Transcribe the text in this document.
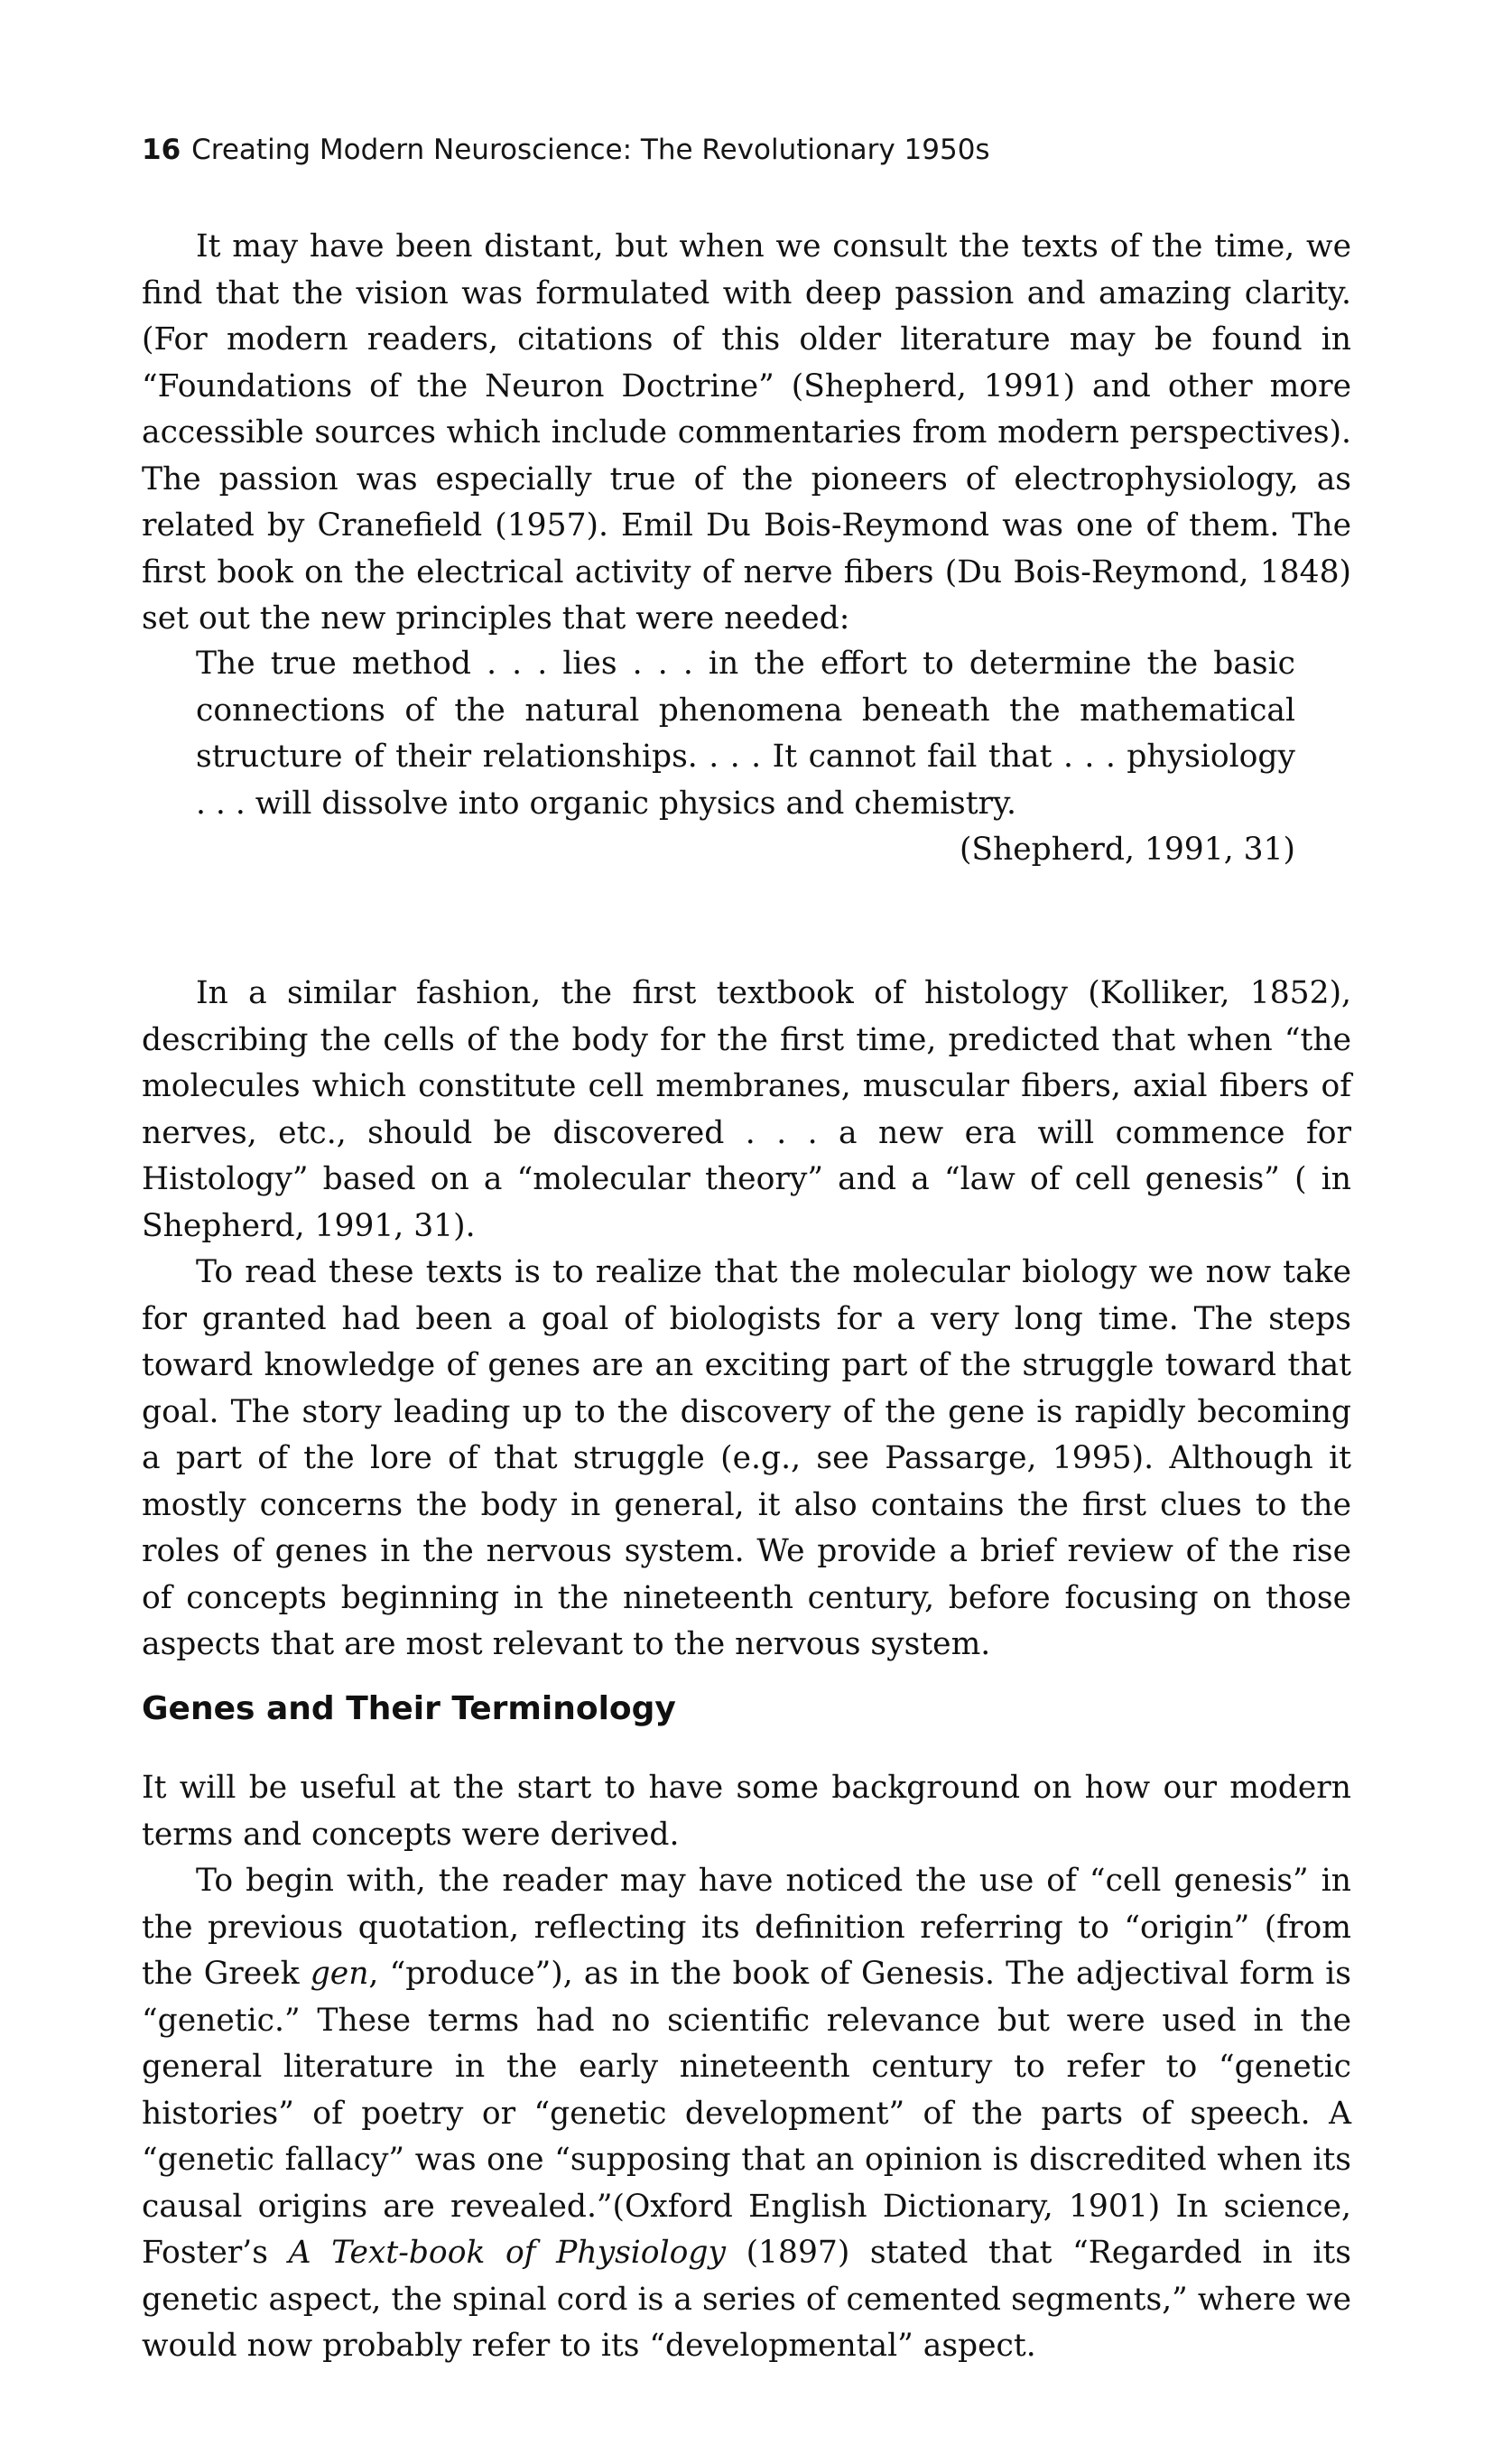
16 Creating Modern Neuroscience: The Revolutionary 1950s

It may have been distant, but when we consult the texts of the time, we find that the vision was formulated with deep passion and amazing clarity. (For modern readers, citations of this older literature may be found in “Foundations of the Neuron Doctrine” (Shepherd, 1991) and other more accessible sources which include commentaries from modern perspectives). The passion was especially true of the pioneers of electrophysiology, as related by Cranefield (1957). Emil Du Bois-Reymond was one of them. The first book on the electrical activity of nerve fibers (Du Bois-Reymond, 1848) set out the new principles that were needed:

The true method . . . lies . . . in the effort to determine the basic connections of the natural phenomena beneath the mathematical structure of their relationships. . . . It cannot fail that . . . physiology . . . will dissolve into organic physics and chemistry.

(Shepherd, 1991, 31)

In a similar fashion, the first textbook of histology (Kolliker, 1852), describing the cells of the body for the first time, predicted that when “the molecules which constitute cell membranes, muscular fibers, axial fibers of nerves, etc., should be discovered . . . a new era will commence for Histology” based on a “molecular theory” and a “law of cell genesis” ( in Shepherd, 1991, 31).

To read these texts is to realize that the molecular biology we now take for granted had been a goal of biologists for a very long time. The steps toward knowledge of genes are an exciting part of the struggle toward that goal. The story leading up to the discovery of the gene is rapidly becoming a part of the lore of that struggle (e.g., see Passarge, 1995). Although it mostly concerns the body in general, it also contains the first clues to the roles of genes in the nervous system. We provide a brief review of the rise of concepts beginning in the nineteenth century, before focusing on those aspects that are most relevant to the nervous system.

Genes and Their Terminology

It will be useful at the start to have some background on how our modern terms and concepts were derived.

To begin with, the reader may have noticed the use of “cell genesis” in the previous quotation, reflecting its definition referring to “origin” (from the Greek gen, “produce”), as in the book of Genesis. The adjectival form is “genetic.” These terms had no scientific relevance but were used in the general literature in the early nineteenth century to refer to “genetic histories” of poetry or “genetic development” of the parts of speech. A “genetic fallacy” was one “supposing that an opinion is discredited when its causal origins are revealed.”(Oxford English Dictionary, 1901) In science, Foster’s A Text-book of Physiology (1897) stated that “Regarded in its genetic aspect, the spinal cord is a series of cemented segments,” where we would now probably refer to its “developmental” aspect.
